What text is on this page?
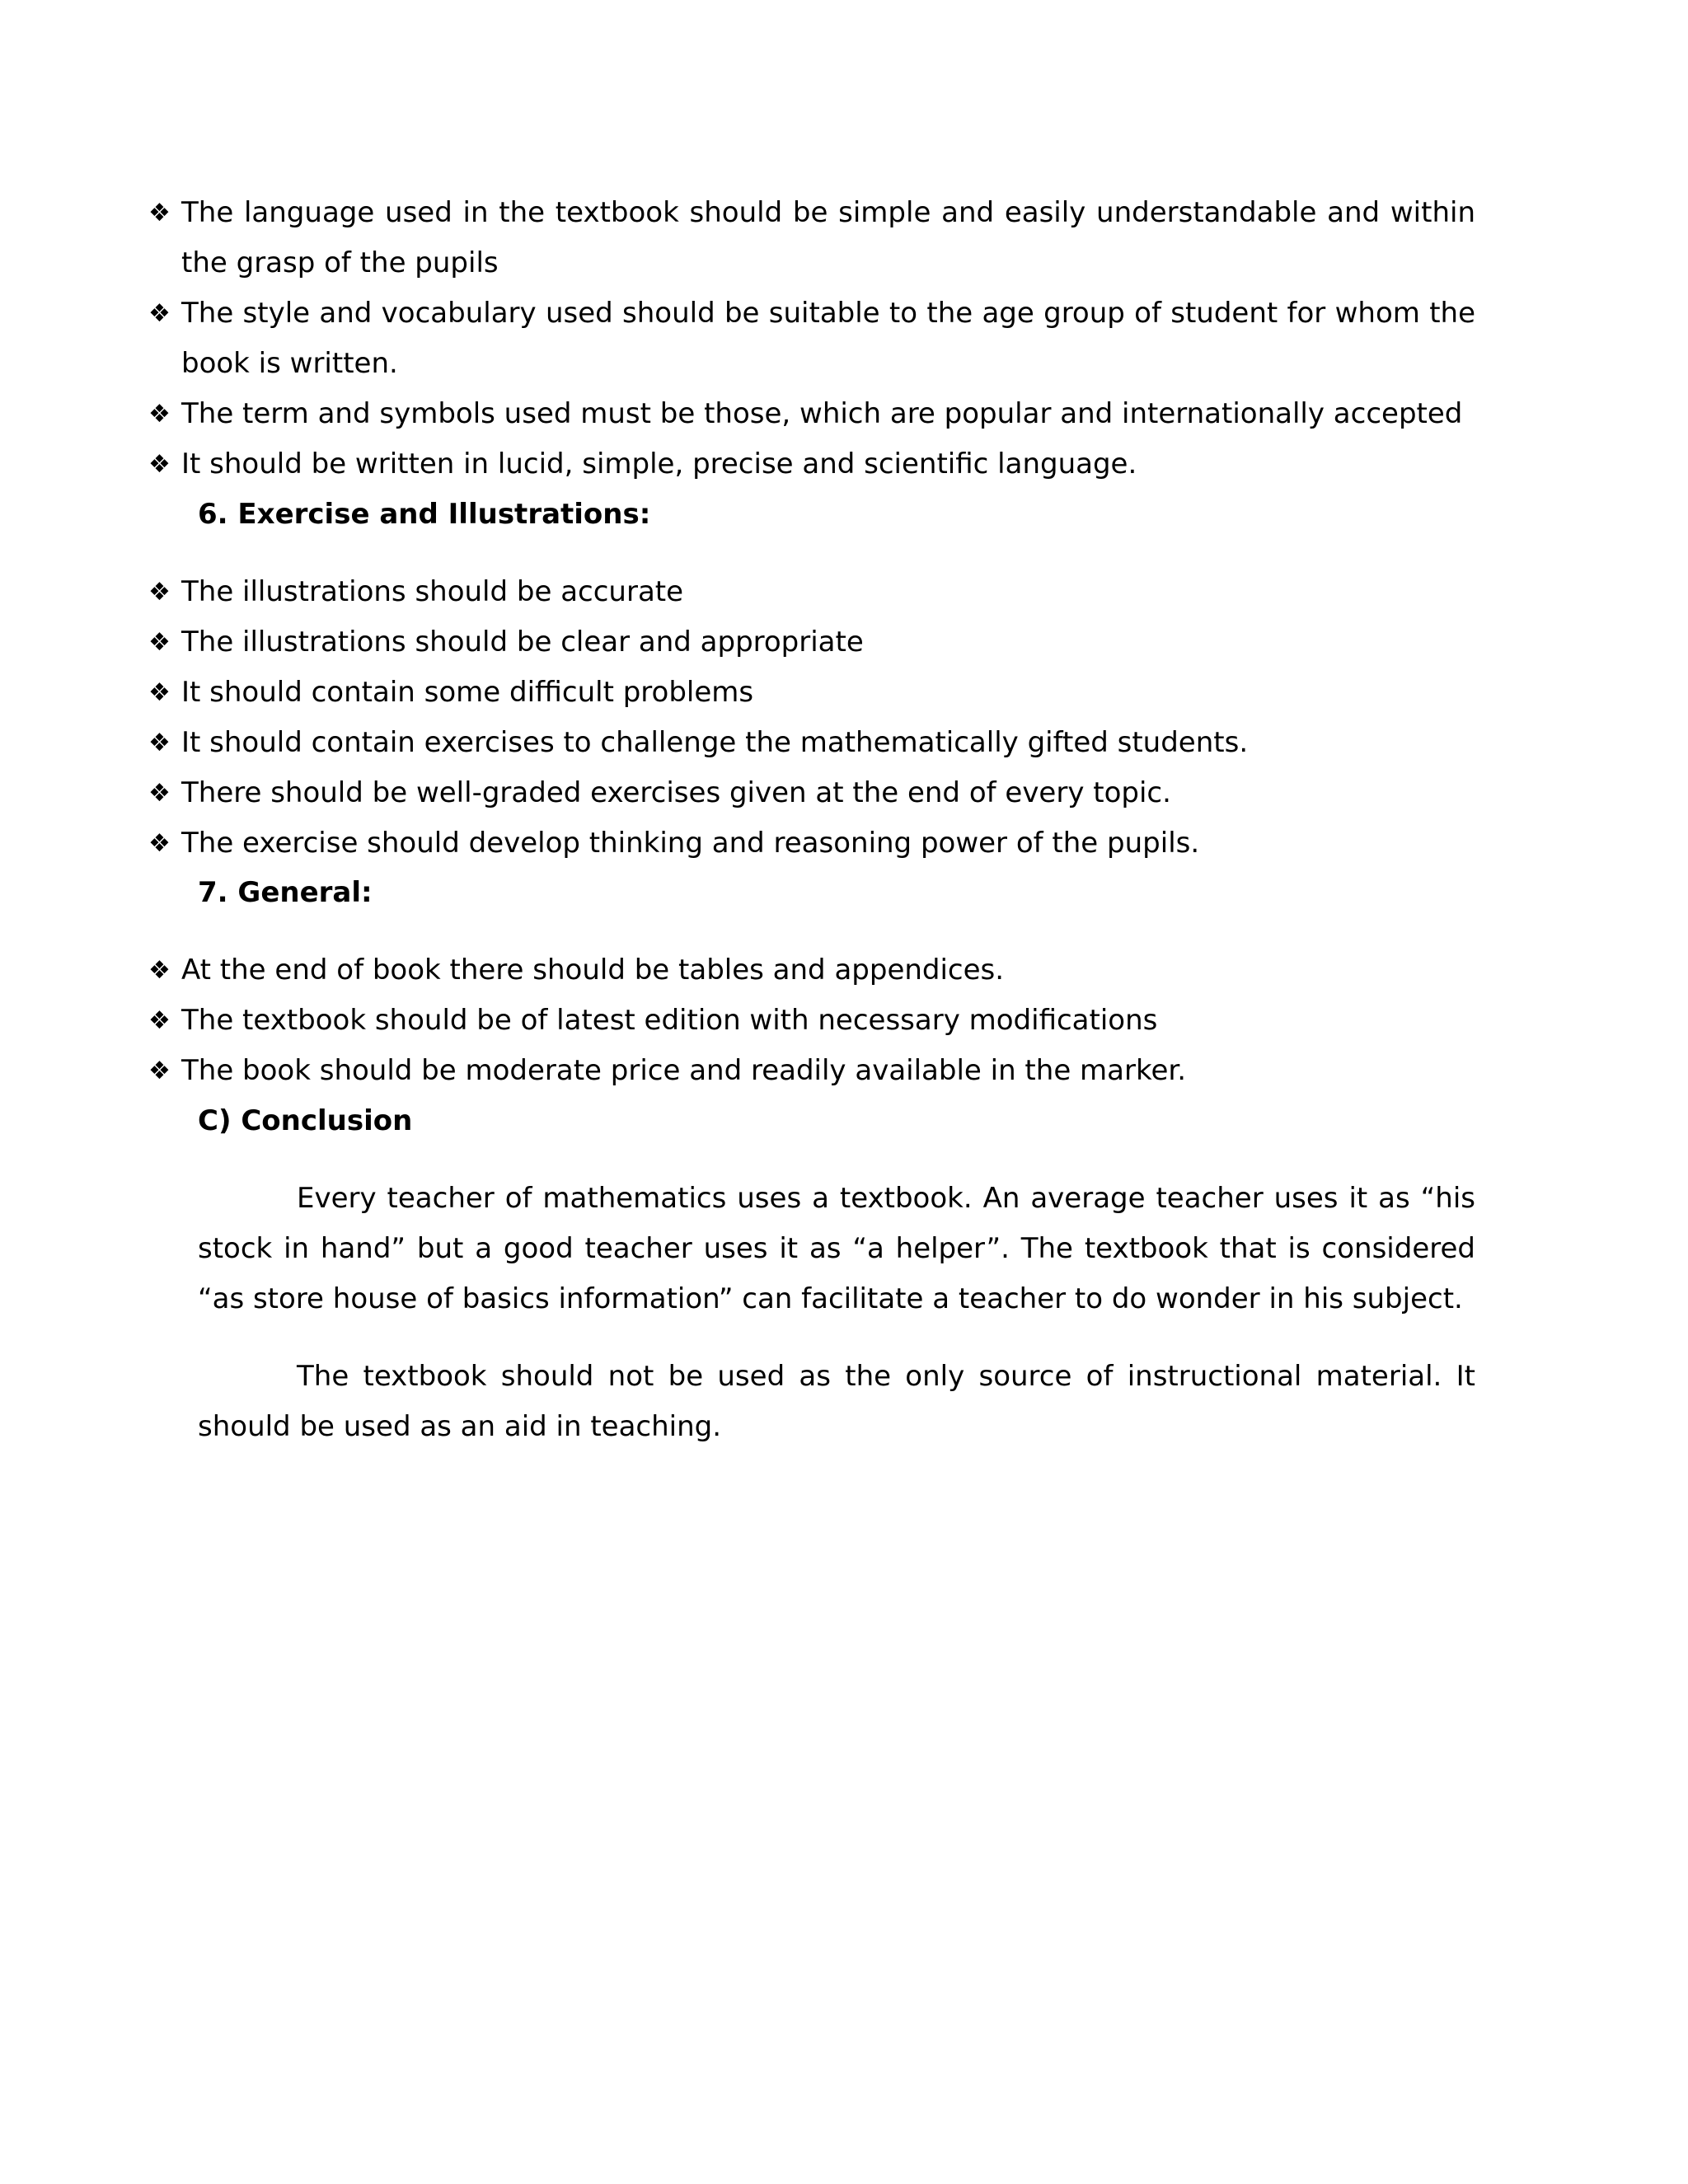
❖ The language used in the textbook should be simple and easily understandable and within the grasp of the pupils
❖ The style and vocabulary used should be suitable to the age group of student for whom the book is written.
❖ The term and symbols used must be those, which are popular and internationally accepted
❖ It should be written in lucid, simple, precise and scientific language.
6. Exercise and Illustrations:
❖ The illustrations should be accurate
❖ The illustrations should be clear and appropriate
❖ It should contain some difficult problems
❖ It should contain exercises to challenge the mathematically gifted students.
❖ There should be well-graded exercises given at the end of every topic.
❖ The exercise should develop thinking and reasoning power of the pupils.
7. General:
❖ At the end of book there should be tables and appendices.
❖ The textbook should be of latest edition with necessary modifications
❖ The book should be moderate price and readily available in the marker.
C) Conclusion

Every teacher of mathematics uses a textbook. An average teacher uses it as “his stock in hand” but a good teacher uses it as “a helper”. The textbook that is considered “as store house of basics information” can facilitate a teacher to do wonder in his subject.

The textbook should not be used as the only source of instructional material. It should be used as an aid in teaching.
